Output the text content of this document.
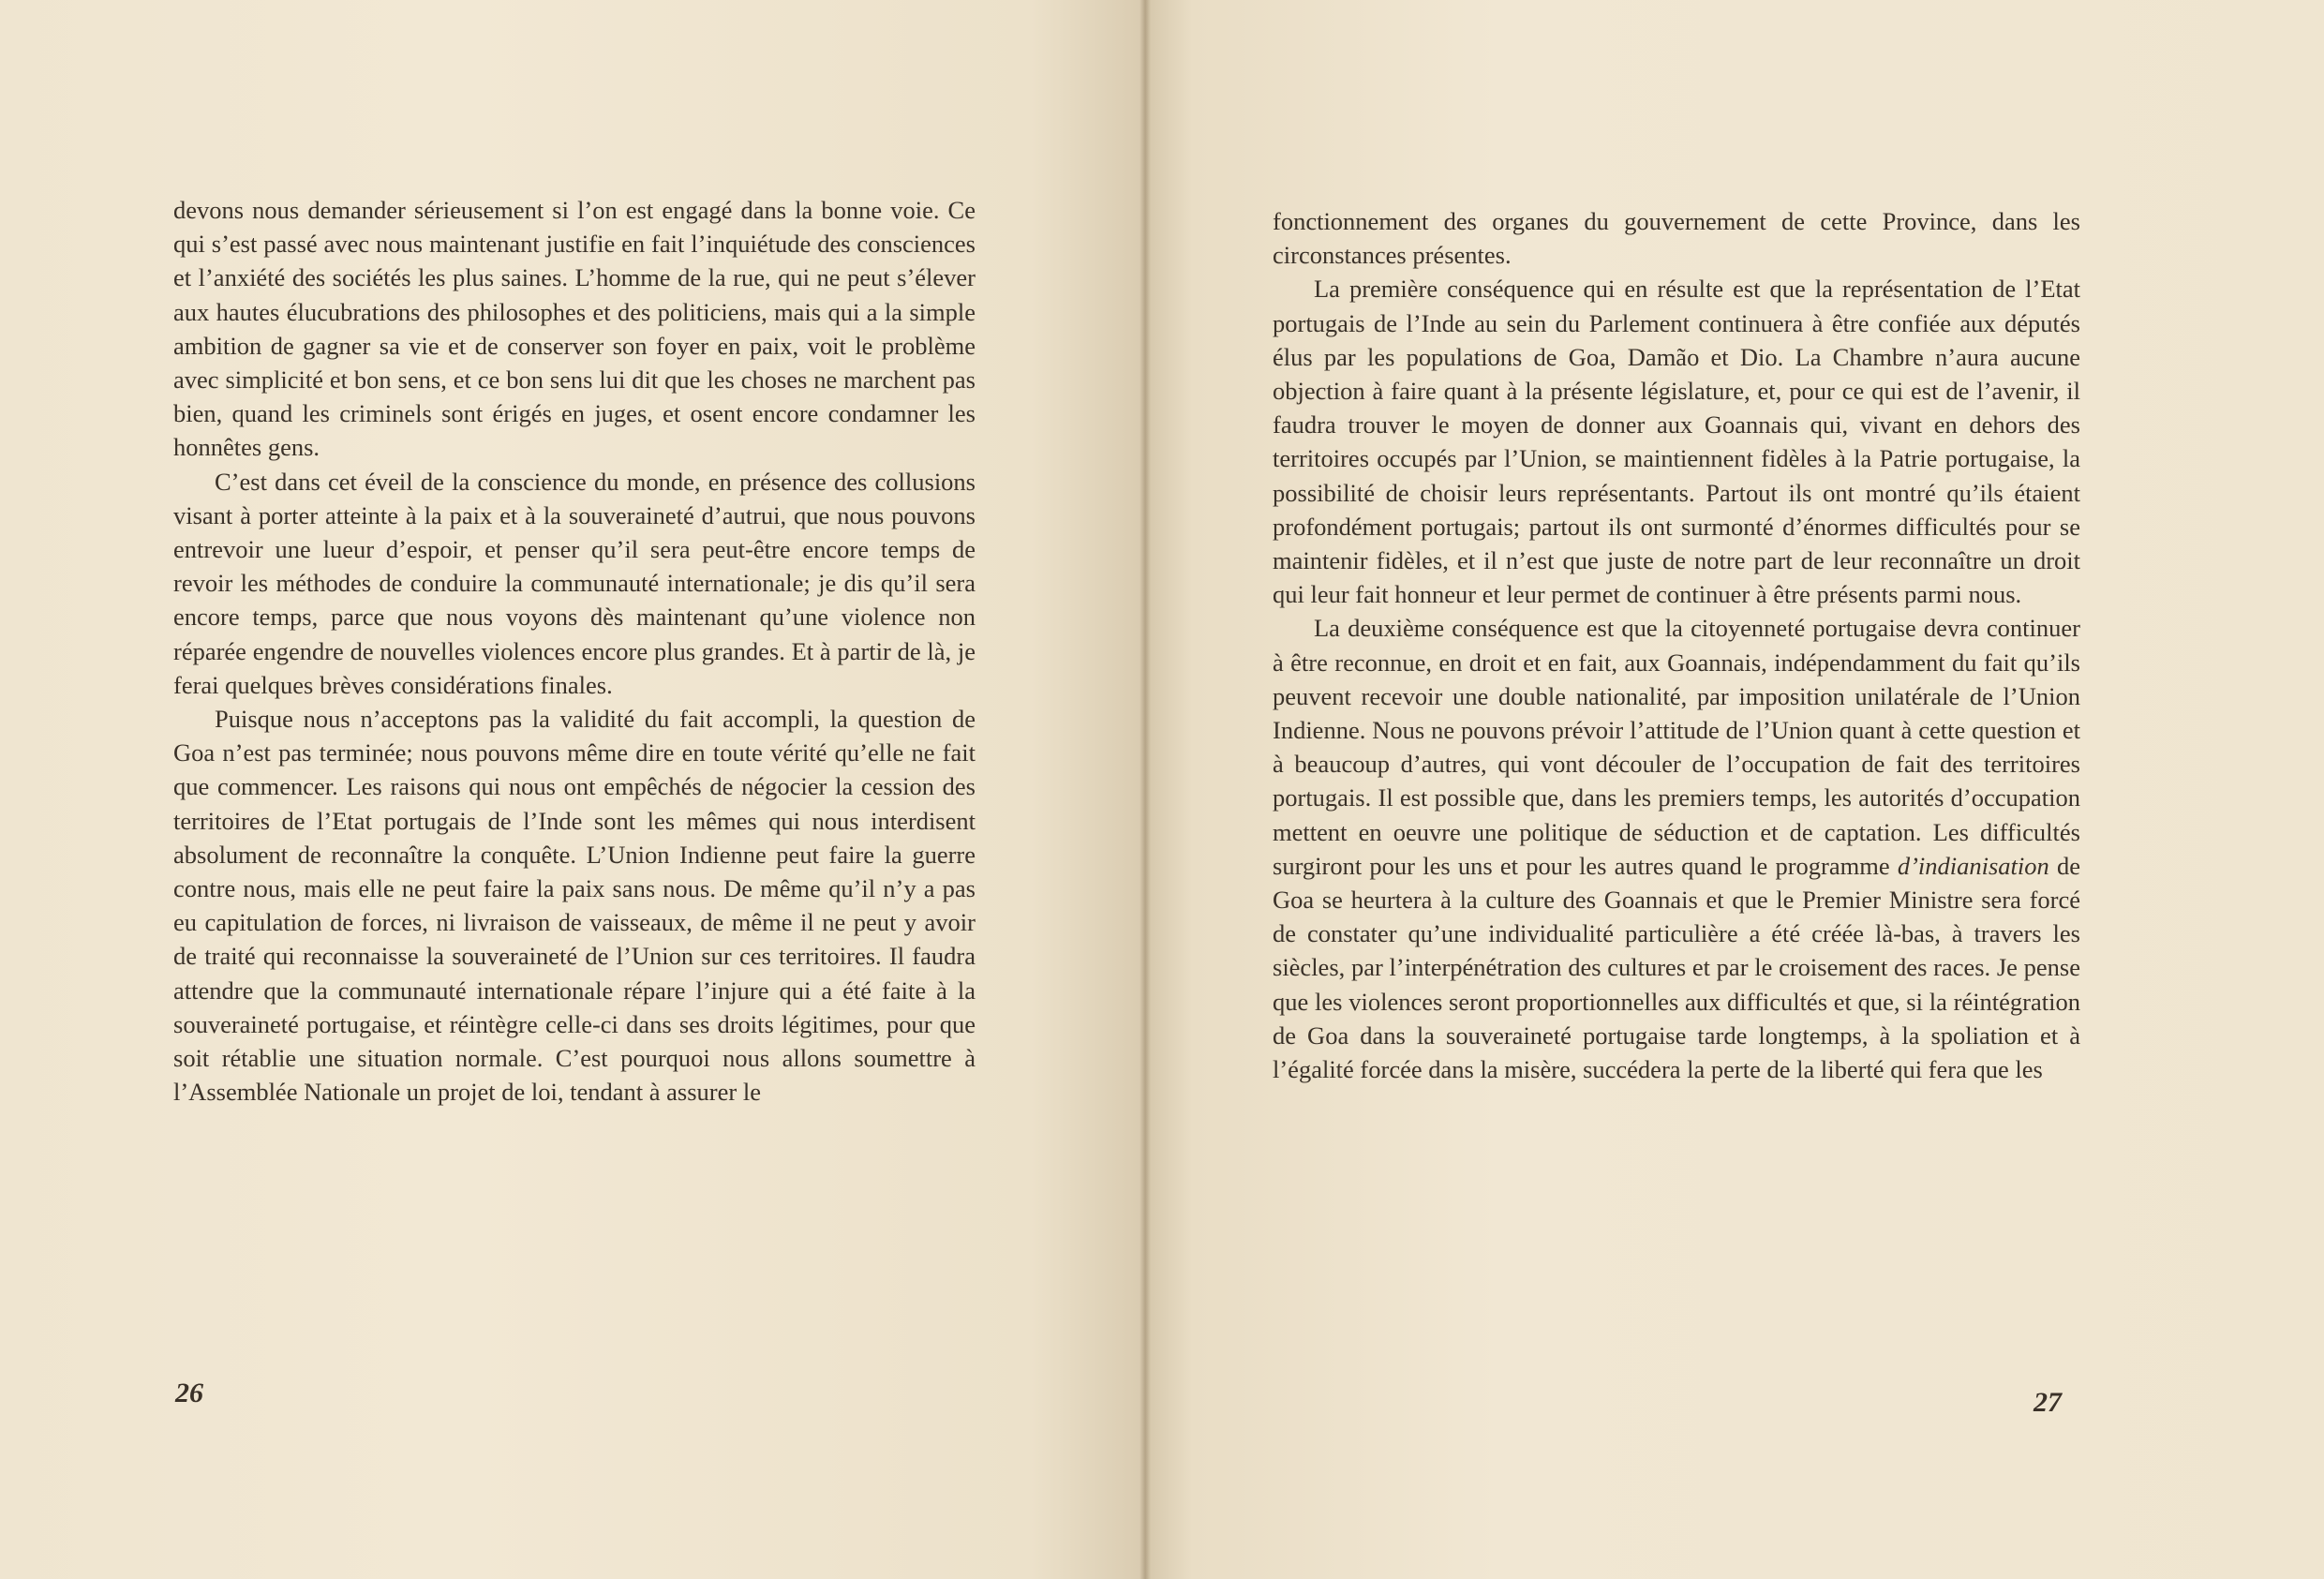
devons nous demander sérieusement si l’on est engagé dans la bonne voie. Ce qui s’est passé avec nous maintenant justifie en fait l’inquiétude des consciences et l’anxiété des sociétés les plus saines. L’homme de la rue, qui ne peut s’élever aux hautes élucubrations des philosophes et des politiciens, mais qui a la simple ambition de gagner sa vie et de conserver son foyer en paix, voit le problème avec simplicité et bon sens, et ce bon sens lui dit que les choses ne marchent pas bien, quand les criminels sont érigés en juges, et osent encore condamner les honnêtes gens.

C’est dans cet éveil de la conscience du monde, en présence des collusions visant à porter atteinte à la paix et à la souveraineté d’autrui, que nous pouvons entrevoir une lueur d’espoir, et penser qu’il sera peut-être encore temps de revoir les méthodes de conduire la communauté internationale; je dis qu’il sera encore temps, parce que nous voyons dès maintenant qu’une violence non réparée engendre de nouvelles violences encore plus grandes. Et à partir de là, je ferai quelques brèves considérations finales.

Puisque nous n’acceptons pas la validité du fait accompli, la question de Goa n’est pas terminée; nous pouvons même dire en toute vérité qu’elle ne fait que commencer. Les raisons qui nous ont empêchés de négocier la cession des territoires de l’Etat portugais de l’Inde sont les mêmes qui nous interdisent absolument de reconnaître la conquête. L’Union Indienne peut faire la guerre contre nous, mais elle ne peut faire la paix sans nous. De même qu’il n’y a pas eu capitulation de forces, ni livraison de vaisseaux, de même il ne peut y avoir de traité qui reconnaisse la souveraineté de l’Union sur ces territoires. Il faudra attendre que la communauté internationale répare l’injure qui a été faite à la souveraineté portugaise, et réintègre celle-ci dans ses droits légitimes, pour que soit rétablie une situation normale. C’est pourquoi nous allons soumettre à l’Assemblée Nationale un projet de loi, tendant à assurer le

26

fonctionnement des organes du gouvernement de cette Province, dans les circonstances présentes.

La première conséquence qui en résulte est que la représentation de l’Etat portugais de l’Inde au sein du Parlement continuera à être confiée aux députés élus par les populations de Goa, Damão et Dio. La Chambre n’aura aucune objection à faire quant à la présente législature, et, pour ce qui est de l’avenir, il faudra trouver le moyen de donner aux Goannais qui, vivant en dehors des territoires occupés par l’Union, se maintiennent fidèles à la Patrie portugaise, la possibilité de choisir leurs représentants. Partout ils ont montré qu’ils étaient profondément portugais; partout ils ont surmonté d’énormes difficultés pour se maintenir fidèles, et il n’est que juste de notre part de leur reconnaître un droit qui leur fait honneur et leur permet de continuer à être présents parmi nous.

La deuxième conséquence est que la citoyenneté portugaise devra continuer à être reconnue, en droit et en fait, aux Goannais, indépendamment du fait qu’ils peuvent recevoir une double nationalité, par imposition unilatérale de l’Union Indienne. Nous ne pouvons prévoir l’attitude de l’Union quant à cette question et à beaucoup d’autres, qui vont découler de l’occupation de fait des territoires portugais. Il est possible que, dans les premiers temps, les autorités d’occupation mettent en oeuvre une politique de séduction et de captation. Les difficultés surgiront pour les uns et pour les autres quand le programme d’indianisation de Goa se heurtera à la culture des Goannais et que le Premier Ministre sera forcé de constater qu’une individualité particulière a été créée là-bas, à travers les siècles, par l’interpénétration des cultures et par le croisement des races. Je pense que les violences seront proportionnelles aux difficultés et que, si la réintégration de Goa dans la souveraineté portugaise tarde longtemps, à la spoliation et à l’égalité forcée dans la misère, succédera la perte de la liberté qui fera que les

27
